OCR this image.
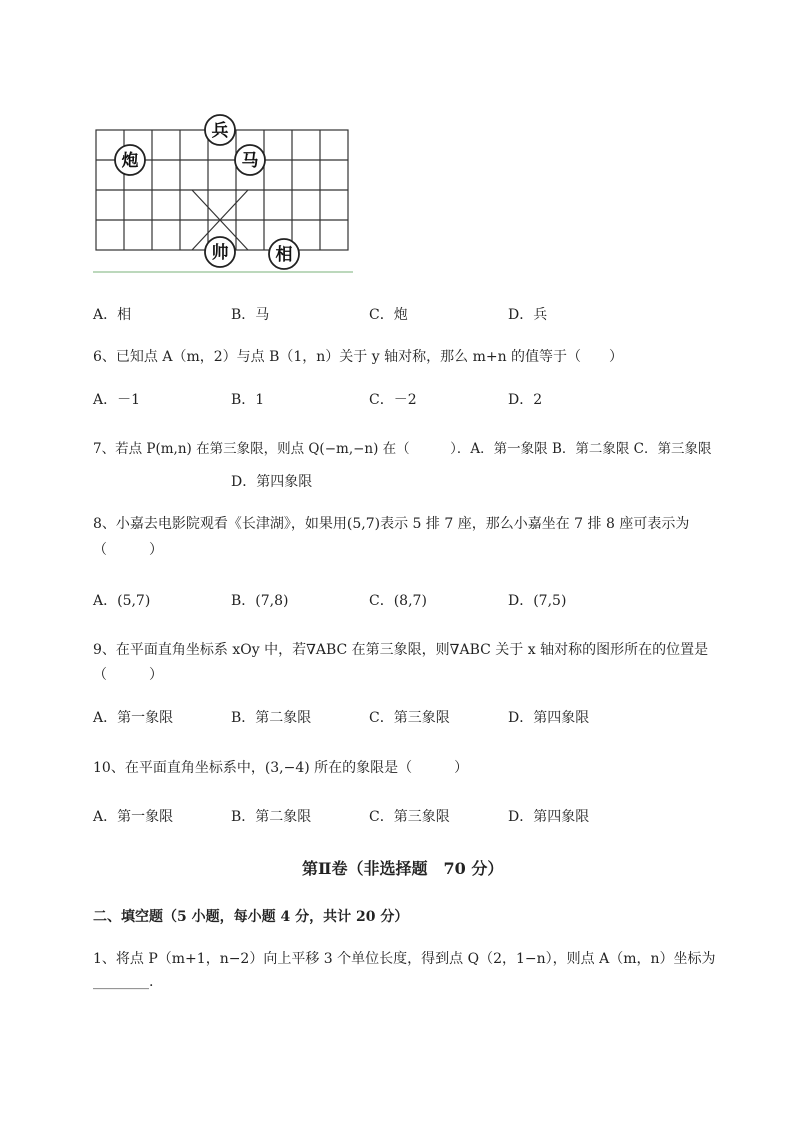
兵
炮	马
帅	相
A．相	B．马	C．炮	D．兵
6、已知点 A（m，2）与点 B（1，n）关于 y 轴对称，那么 m+n 的值等于（　　）
A．－1	B．1	C．－2	D．2
7、若点 P(m,n) 在第三象限，则点 Q(−m,−n) 在（　　　）．A．第一象限 B．第二象限 C．第三象限
D．第四象限
8、小嘉去电影院观看《长津湖》，如果用(5,7)表示 5 排 7 座，那么小嘉坐在 7 排 8 座可表示为
（　　　）
A．(5,7)	B．(7,8)	C．(8,7)	D．(7,5)
9、在平面直角坐标系 xOy 中，若∇ABC 在第三象限，则∇ABC 关于 x 轴对称的图形所在的位置是
（　　　）
A．第一象限	B．第二象限	C．第三象限	D．第四象限
10、在平面直角坐标系中，(3,−4) 所在的象限是（　　　）
A．第一象限	B．第二象限	C．第三象限	D．第四象限
第Ⅱ卷（非选择题　70 分）
二、填空题（5 小题，每小题 4 分，共计 20 分）
1、将点 P（m+1，n−2）向上平移 3 个单位长度，得到点 Q（2，1−n），则点 A（m，n）坐标为
________.
